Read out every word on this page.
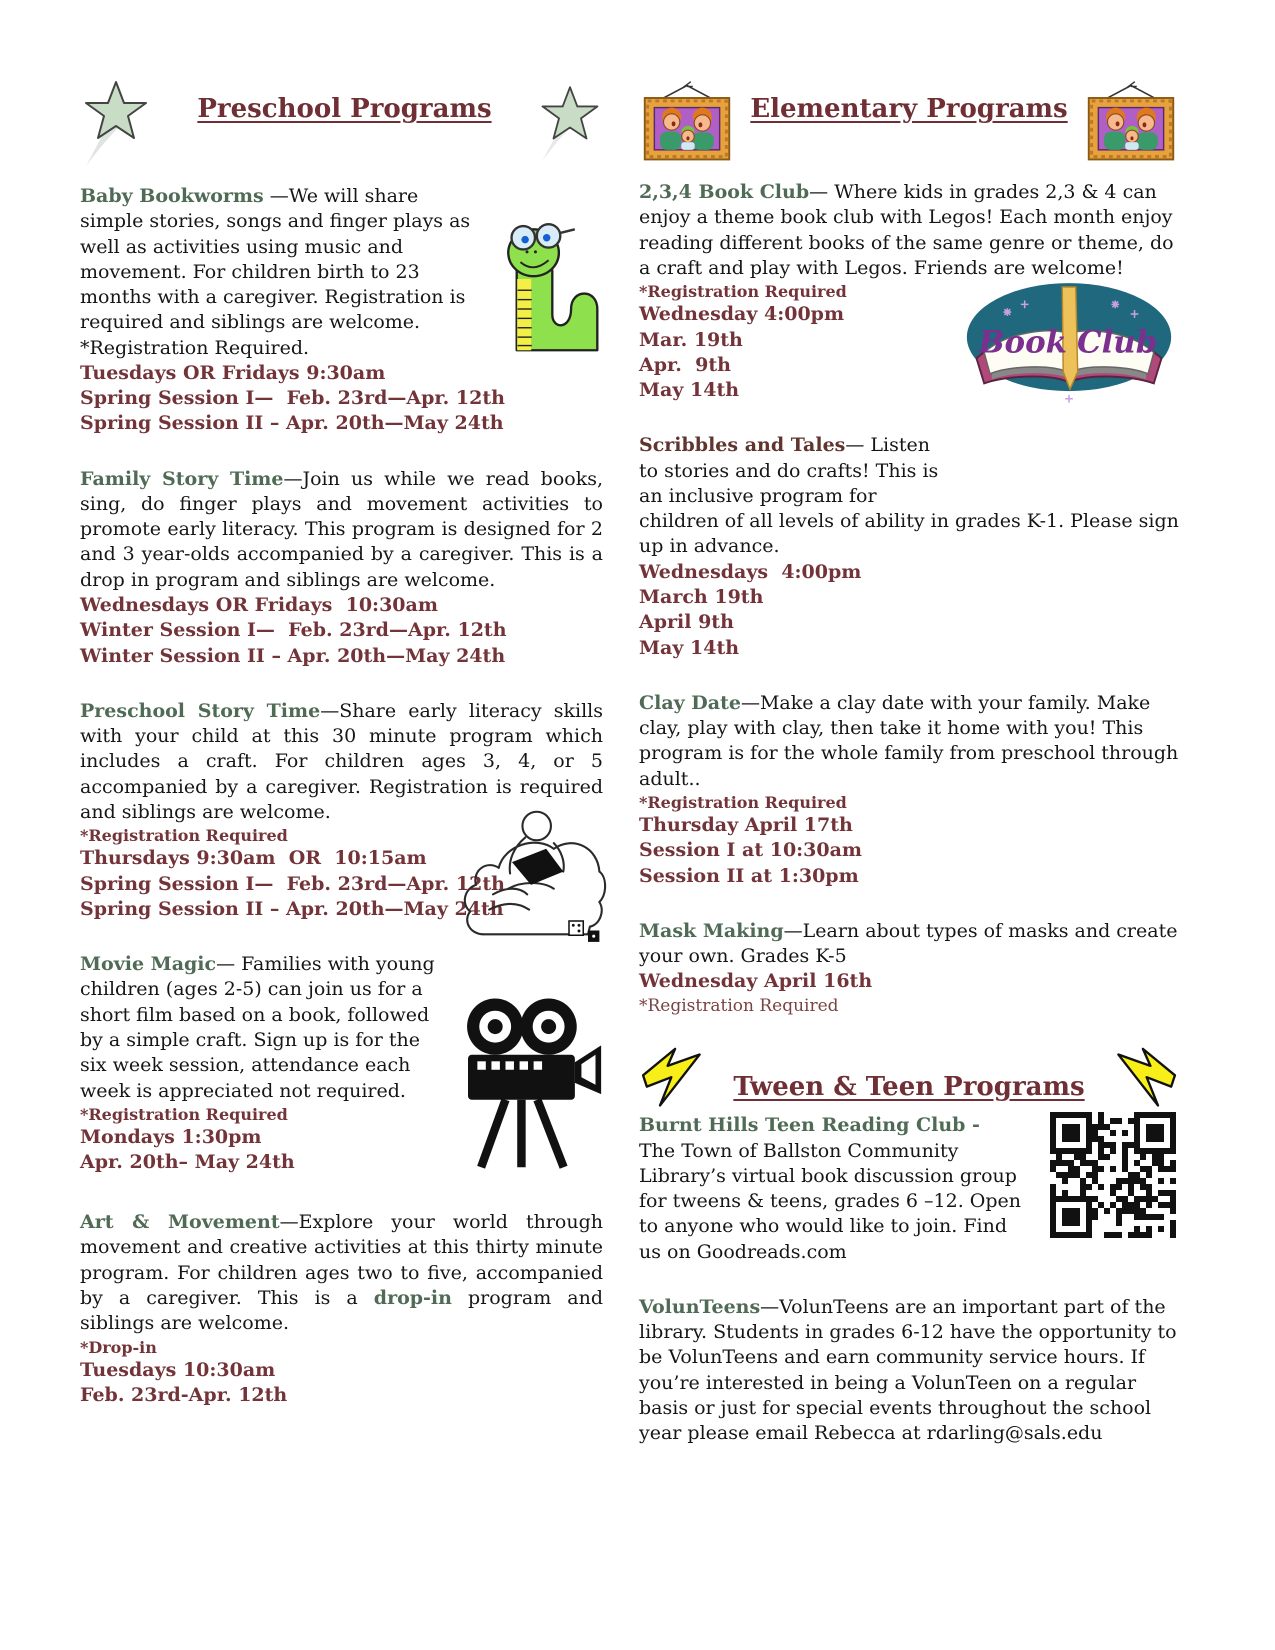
Preschool Programs

Baby Bookworms —We will share simple stories, songs and finger plays as well as activities using music and movement. For children birth to 23 months with a caregiver. Registration is required and siblings are welcome.

*Registration Required.
Tuesdays OR Fridays 9:30am
Spring Session I—  Feb. 23rd—Apr. 12th
Spring Session II – Apr. 20th—May 24th

Family Story Time—Join us while we read books, sing, do finger plays and movement activities to promote early literacy. This program is designed for 2 and 3 year-olds accompanied by a caregiver. This is a drop in program and siblings are welcome.

Wednesdays OR Fridays  10:30am
Winter Session I—  Feb. 23rd—Apr. 12th
Winter Session II – Apr. 20th—May 24th

Preschool Story Time—Share early literacy skills with your child at this 30 minute program which includes a craft. For children ages 3, 4, or 5 accompanied by a caregiver. Registration is required and siblings are welcome.

*Registration Required
Thursdays 9:30am  OR  10:15am
Spring Session I—  Feb. 23rd—Apr. 12th
Spring Session II – Apr. 20th—May 24th

Movie Magic— Families with young children (ages 2-5) can join us for a short film based on a book, followed by a simple craft. Sign up is for the six week session, attendance each week is appreciated not required.

*Registration Required
Mondays 1:30pm
Apr. 20th– May 24th

Art & Movement—Explore your world through movement and creative activities at this thirty minute program. For children ages two to five, accompanied by a caregiver. This is a drop-in program and siblings are welcome.

*Drop-in
Tuesdays 10:30am
Feb. 23rd-Apr. 12th
Elementary Programs

2,3,4 Book Club— Where kids in grades 2,3 & 4 can enjoy a theme book club with Legos! Each month enjoy reading different books of the same genre or theme, do a craft and play with Legos. Friends are welcome!

*Registration Required
Wednesday 4:00pm
Mar. 19th
Apr.  9th
May 14th
Book Club

Scribbles and Tales— Listen to stories and do crafts! This is an inclusive program for children of all levels of ability in grades K-1. Please sign up in advance.

Wednesdays  4:00pm
March 19th
April 9th
May 14th

Clay Date—Make a clay date with your family. Make clay, play with clay, then take it home with you! This program is for the whole family from preschool through adult..

*Registration Required
Thursday April 17th
Session I at 10:30am
Session II at 1:30pm

Mask Making—Learn about types of masks and create your own. Grades K-5

Wednesday April 16th
*Registration Required
Tween & Teen Programs
Burnt Hills Teen Reading Club -
The Town of Ballston Community Library’s virtual book discussion group for tweens & teens, grades 6 –12. Open to anyone who would like to join. Find us on Goodreads.com

VolunTeens—VolunTeens are an important part of the library. Students in grades 6-12 have the opportunity to be VolunTeens and earn community service hours. If you’re interested in being a VolunTeen on a regular basis or just for special events throughout the school year please email Rebecca at rdarling@sals.edu
